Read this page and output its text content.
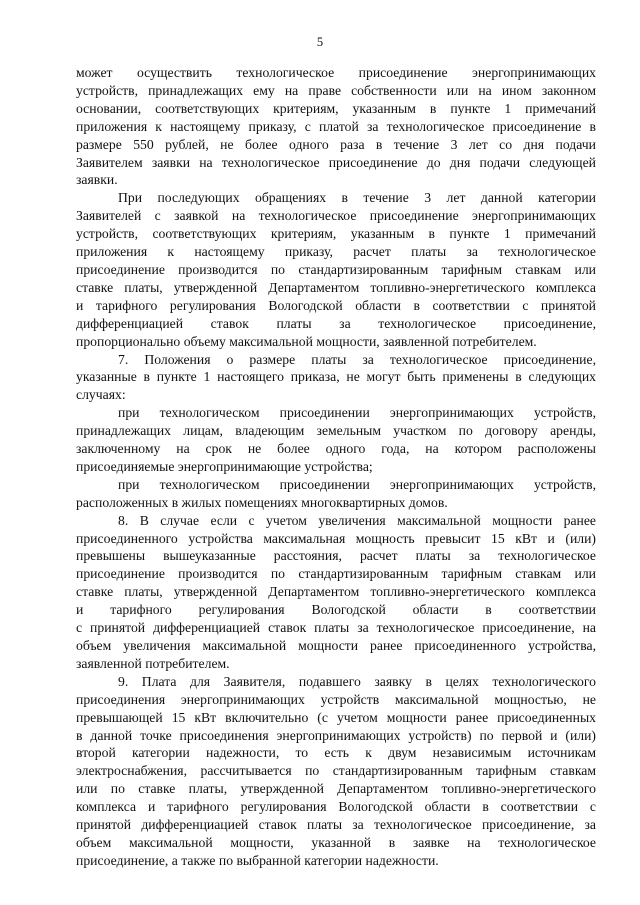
5

может осуществить технологическое присоединение энергопринимающих
устройств, принадлежащих ему на праве собственности или на ином законном
основании, соответствующих критериям, указанным в пункте 1 примечаний
приложения к настоящему приказу, с платой за технологическое присоединение в
размере 550 рублей, не более одного раза в течение 3 лет со дня подачи
Заявителем заявки на технологическое присоединение до дня подачи следующей
заявки.

При последующих обращениях в течение 3 лет данной категории
Заявителей с заявкой на технологическое присоединение энергопринимающих
устройств, соответствующих критериям, указанным в пункте 1 примечаний
приложения к настоящему приказу, расчет платы за технологическое
присоединение производится по стандартизированным тарифным ставкам или
ставке платы, утвержденной Департаментом топливно-энергетического комплекса
и тарифного регулирования Вологодской области в соответствии с принятой
дифференциацией ставок платы за технологическое присоединение,
пропорционально объему максимальной мощности, заявленной потребителем.

7. Положения о размере платы за технологическое присоединение,
указанные в пункте 1 настоящего приказа, не могут быть применены в следующих
случаях:

при технологическом присоединении энергопринимающих устройств,
принадлежащих лицам, владеющим земельным участком по договору аренды,
заключенному на срок не более одного года, на котором расположены
присоединяемые энергопринимающие устройства;

при технологическом присоединении энергопринимающих устройств,
расположенных в жилых помещениях многоквартирных домов.

8. В случае если с учетом увеличения максимальной мощности ранее
присоединенного устройства максимальная мощность превысит 15 кВт и (или)
превышены вышеуказанные расстояния, расчет платы за технологическое
присоединение производится по стандартизированным тарифным ставкам или
ставке платы, утвержденной Департаментом топливно-энергетического комплекса
и тарифного регулирования Вологодской области в соответствии
с принятой дифференциацией ставок платы за технологическое присоединение, на
объем увеличения максимальной мощности ранее присоединенного устройства,
заявленной потребителем.

9. Плата для Заявителя, подавшего заявку в целях технологического
присоединения энергопринимающих устройств максимальной мощностью, не
превышающей 15 кВт включительно (с учетом мощности ранее присоединенных
в данной точке присоединения энергопринимающих устройств) по первой и (или)
второй категории надежности, то есть к двум независимым источникам
электроснабжения, рассчитывается по стандартизированным тарифным ставкам
или по ставке платы, утвержденной Департаментом топливно-энергетического
комплекса и тарифного регулирования Вологодской области в соответствии с
принятой дифференциацией ставок платы за технологическое присоединение, за
объем максимальной мощности, указанной в заявке на технологическое
присоединение, а также по выбранной категории надежности.
